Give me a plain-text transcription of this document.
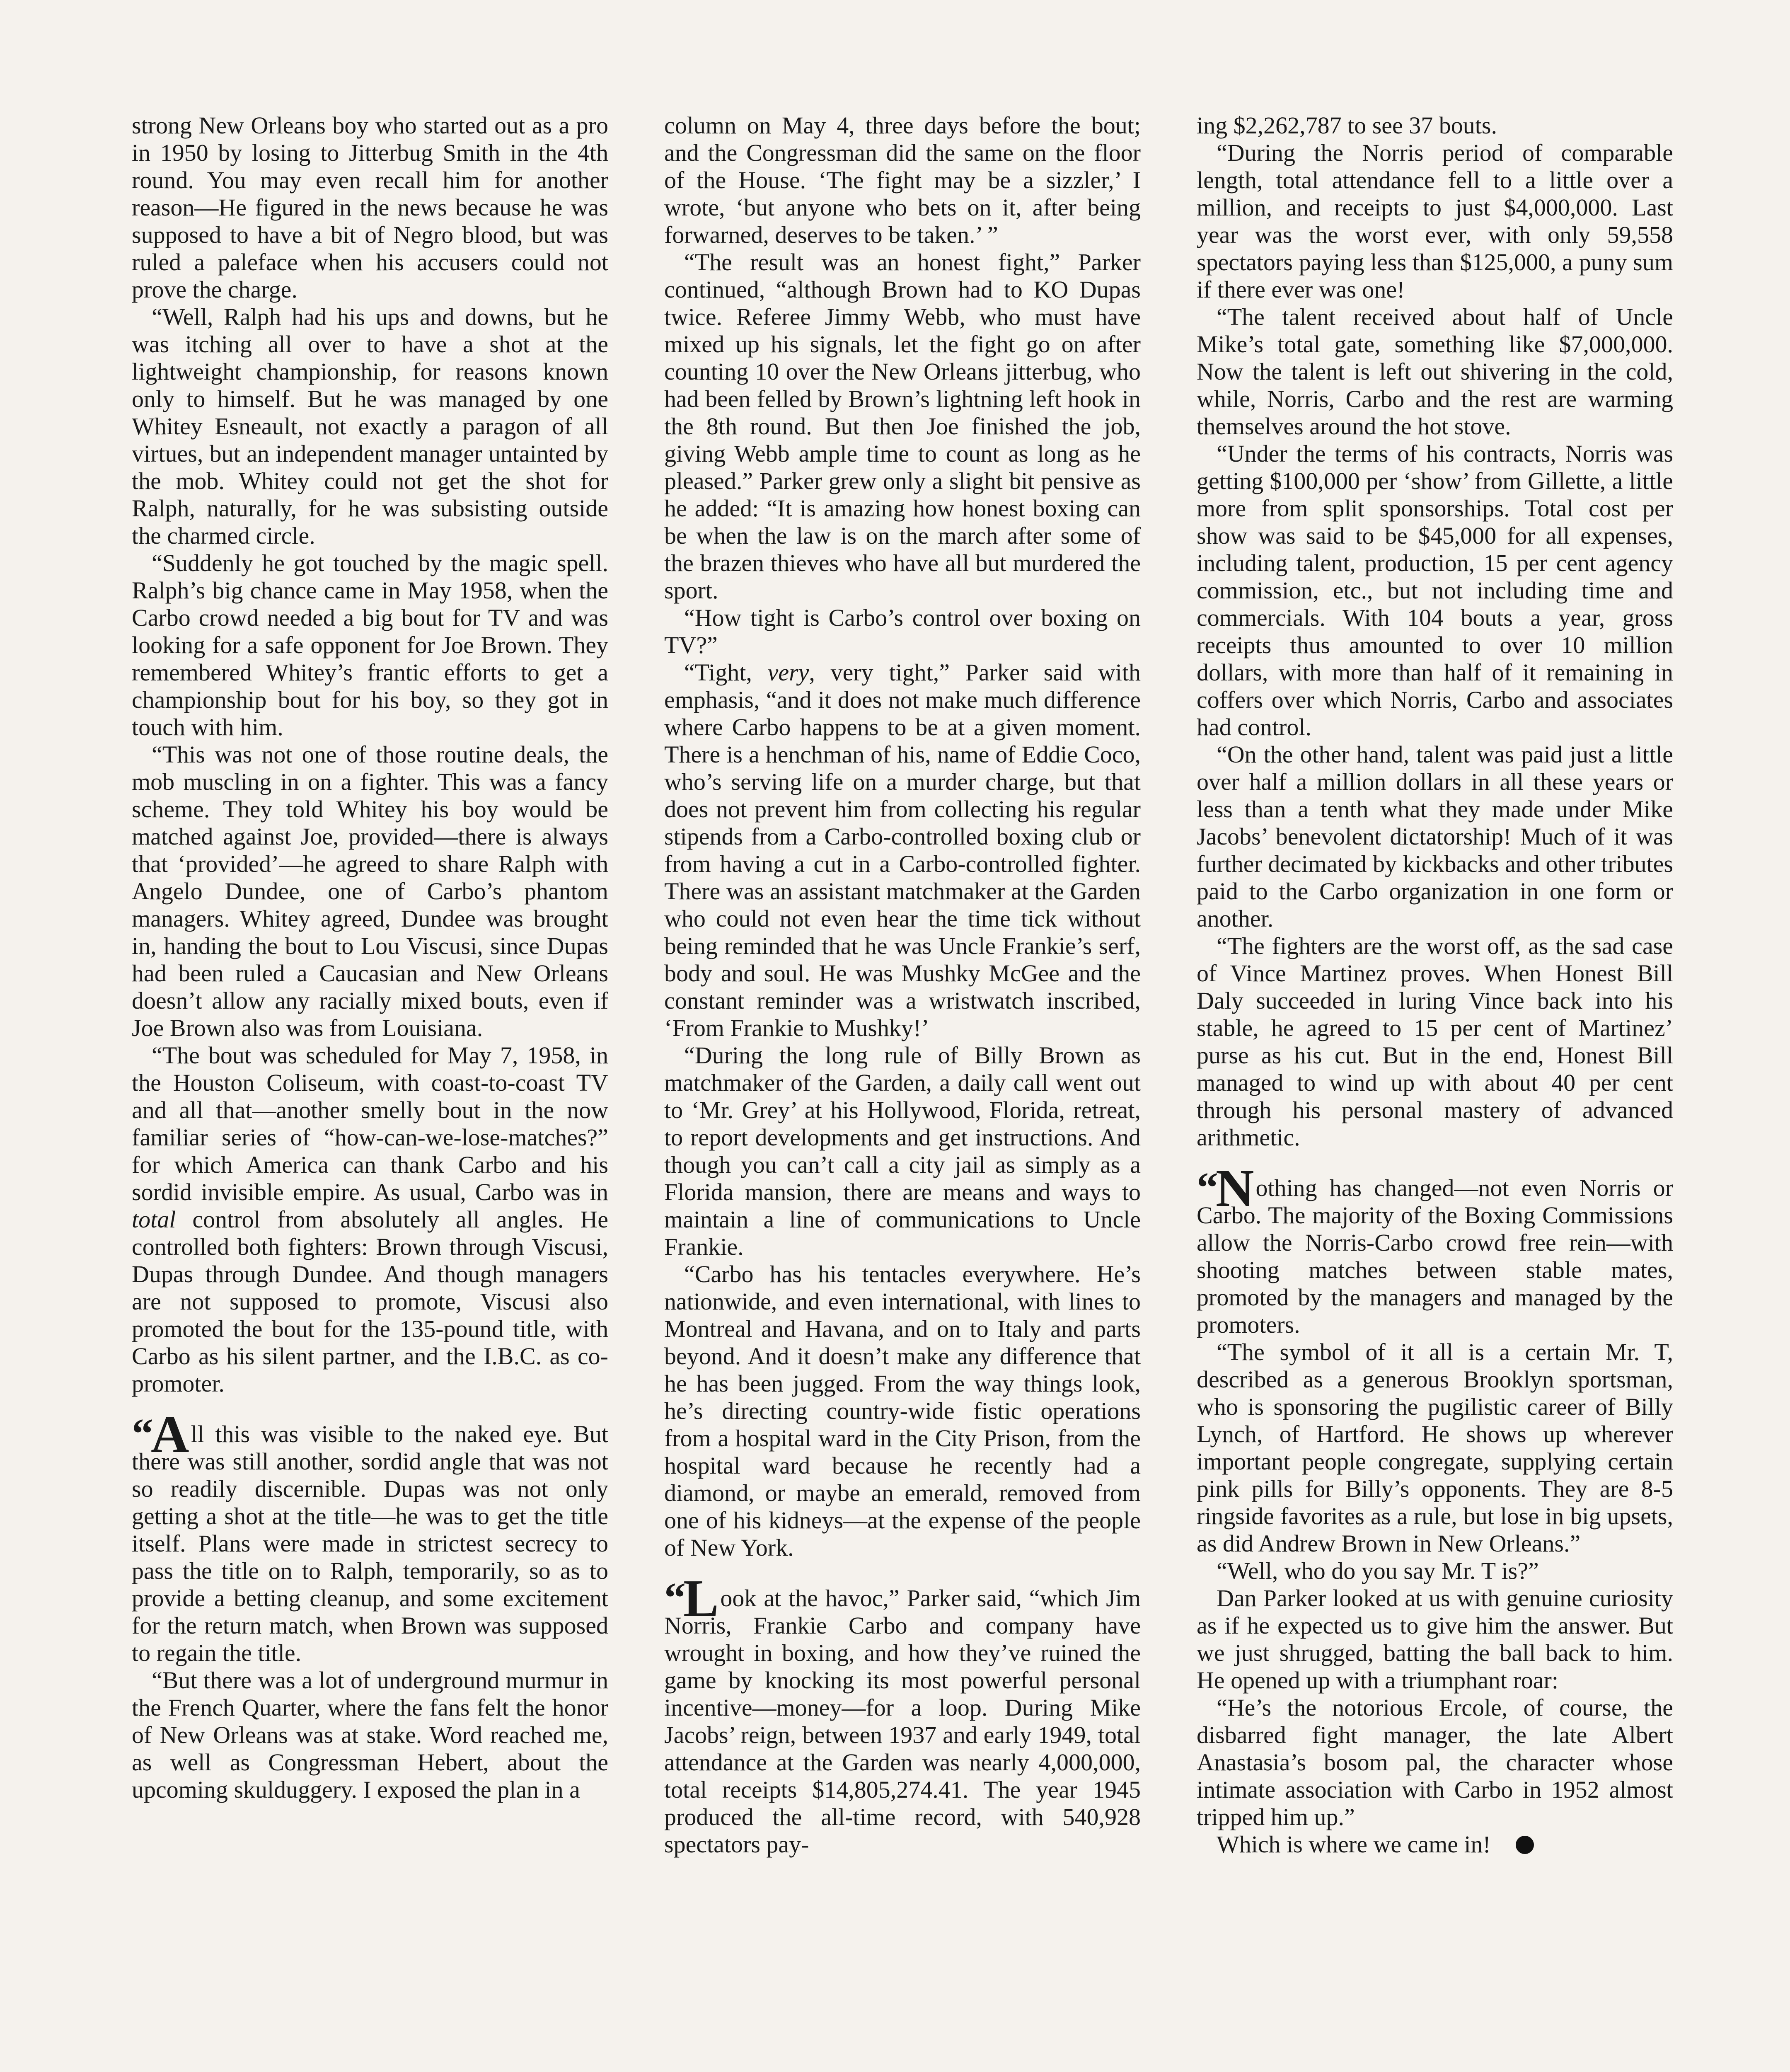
strong New Orleans boy who started out as a pro in 1950 by losing to Jitterbug Smith in the 4th round. You may even recall him for another reason—He figured in the news because he was supposed to have a bit of Negro blood, but was ruled a paleface when his accusers could not prove the charge.

“Well, Ralph had his ups and downs, but he was itching all over to have a shot at the lightweight championship, for reasons known only to himself. But he was managed by one Whitey Esneault, not exactly a paragon of all virtues, but an independent manager untainted by the mob. Whitey could not get the shot for Ralph, naturally, for he was subsisting outside the charmed circle.

“Suddenly he got touched by the magic spell. Ralph’s big chance came in May 1958, when the Carbo crowd needed a big bout for TV and was looking for a safe opponent for Joe Brown. They remembered Whitey’s frantic efforts to get a championship bout for his boy, so they got in touch with him.

“This was not one of those routine deals, the mob muscling in on a fighter. This was a fancy scheme. They told Whitey his boy would be matched against Joe, provided—there is always that ‘provided’—he agreed to share Ralph with Angelo Dundee, one of Carbo’s phantom managers. Whitey agreed, Dundee was brought in, handing the bout to Lou Viscusi, since Dupas had been ruled a Caucasian and New Orleans doesn’t allow any racially mixed bouts, even if Joe Brown also was from Louisiana.

“The bout was scheduled for May 7, 1958, in the Houston Coliseum, with coast-to-coast TV and all that—another smelly bout in the now familiar series of “how-can-we-lose-matches?” for which America can thank Carbo and his sordid invisible empire. As usual, Carbo was in total control from absolutely all angles. He controlled both fighters: Brown through Viscusi, Dupas through Dundee. And though managers are not supposed to promote, Viscusi also promoted the bout for the 135-pound title, with Carbo as his silent partner, and the I.B.C. as co-promoter.

“All this was visible to the naked eye. But there was still another, sordid angle that was not so readily discernible. Dupas was not only getting a shot at the title—he was to get the title itself. Plans were made in strictest secrecy to pass the title on to Ralph, temporarily, so as to provide a betting cleanup, and some excitement for the return match, when Brown was supposed to regain the title.

“But there was a lot of underground murmur in the French Quarter, where the fans felt the honor of New Orleans was at stake. Word reached me, as well as Congressman Hebert, about the upcoming skulduggery. I exposed the plan in a

column on May 4, three days before the bout; and the Congressman did the same on the floor of the House. ‘The fight may be a sizzler,’ I wrote, ‘but anyone who bets on it, after being forwarned, deserves to be taken.’ ”

“The result was an honest fight,” Parker continued, “although Brown had to KO Dupas twice. Referee Jimmy Webb, who must have mixed up his signals, let the fight go on after counting 10 over the New Orleans jitterbug, who had been felled by Brown’s lightning left hook in the 8th round. But then Joe finished the job, giving Webb ample time to count as long as he pleased.” Parker grew only a slight bit pensive as he added: “It is amazing how honest boxing can be when the law is on the march after some of the brazen thieves who have all but murdered the sport.

“How tight is Carbo’s control over boxing on TV?”

“Tight, very, very tight,” Parker said with emphasis, “and it does not make much difference where Carbo happens to be at a given moment. There is a henchman of his, name of Eddie Coco, who’s serving life on a murder charge, but that does not prevent him from collecting his regular stipends from a Carbo-controlled boxing club or from having a cut in a Carbo-controlled fighter. There was an assistant matchmaker at the Garden who could not even hear the time tick without being reminded that he was Uncle Frankie’s serf, body and soul. He was Mushky McGee and the constant reminder was a wristwatch inscribed, ‘From Frankie to Mushky!’

“During the long rule of Billy Brown as matchmaker of the Garden, a daily call went out to ‘Mr. Grey’ at his Hollywood, Florida, retreat, to report developments and get instructions. And though you can’t call a city jail as simply as a Florida mansion, there are means and ways to maintain a line of communications to Uncle Frankie.

“Carbo has his tentacles everywhere. He’s nationwide, and even international, with lines to Montreal and Havana, and on to Italy and parts beyond. And it doesn’t make any difference that he has been jugged. From the way things look, he’s directing country-wide fistic operations from a hospital ward in the City Prison, from the hospital ward because he recently had a diamond, or maybe an emerald, removed from one of his kidneys—at the expense of the people of New York.

“Look at the havoc,” Parker said, “which Jim Norris, Frankie Carbo and company have wrought in boxing, and how they’ve ruined the game by knocking its most powerful personal incentive—money—for a loop. During Mike Jacobs’ reign, between 1937 and early 1949, total attendance at the Garden was nearly 4,000,000, total receipts $14,805,274.41. The year 1945 produced the all-time record, with 540,928 spectators pay-

ing $2,262,787 to see 37 bouts.

“During the Norris period of comparable length, total attendance fell to a little over a million, and receipts to just $4,000,000. Last year was the worst ever, with only 59,558 spectators paying less than $125,000, a puny sum if there ever was one!

“The talent received about half of Uncle Mike’s total gate, something like $7,000,000. Now the talent is left out shivering in the cold, while, Norris, Carbo and the rest are warming themselves around the hot stove.

“Under the terms of his contracts, Norris was getting $100,000 per ‘show’ from Gillette, a little more from split sponsorships. Total cost per show was said to be $45,000 for all expenses, including talent, production, 15 per cent agency commission, etc., but not including time and commercials. With 104 bouts a year, gross receipts thus amounted to over 10 million dollars, with more than half of it remaining in coffers over which Norris, Carbo and associates had control.

“On the other hand, talent was paid just a little over half a million dollars in all these years or less than a tenth what they made under Mike Jacobs’ benevolent dictatorship! Much of it was further decimated by kickbacks and other tributes paid to the Carbo organization in one form or another.

“The fighters are the worst off, as the sad case of Vince Martinez proves. When Honest Bill Daly succeeded in luring Vince back into his stable, he agreed to 15 per cent of Martinez’ purse as his cut. But in the end, Honest Bill managed to wind up with about 40 per cent through his personal mastery of advanced arithmetic.

“Nothing has changed—not even Norris or Carbo. The majority of the Boxing Commissions allow the Norris-Carbo crowd free rein—with shooting matches between stable mates, promoted by the managers and managed by the promoters.

“The symbol of it all is a certain Mr. T, described as a generous Brooklyn sportsman, who is sponsoring the pugilistic career of Billy Lynch, of Hartford. He shows up wherever important people congregate, supplying certain pink pills for Billy’s opponents. They are 8-5 ringside favorites as a rule, but lose in big upsets, as did Andrew Brown in New Orleans.”

“Well, who do you say Mr. T is?”

Dan Parker looked at us with genuine curiosity as if he expected us to give him the answer. But we just shrugged, batting the ball back to him. He opened up with a triumphant roar:

“He’s the notorious Ercole, of course, the disbarred fight manager, the late Albert Anastasia’s bosom pal, the character whose intimate association with Carbo in 1952 almost tripped him up.”

Which is where we came in!
